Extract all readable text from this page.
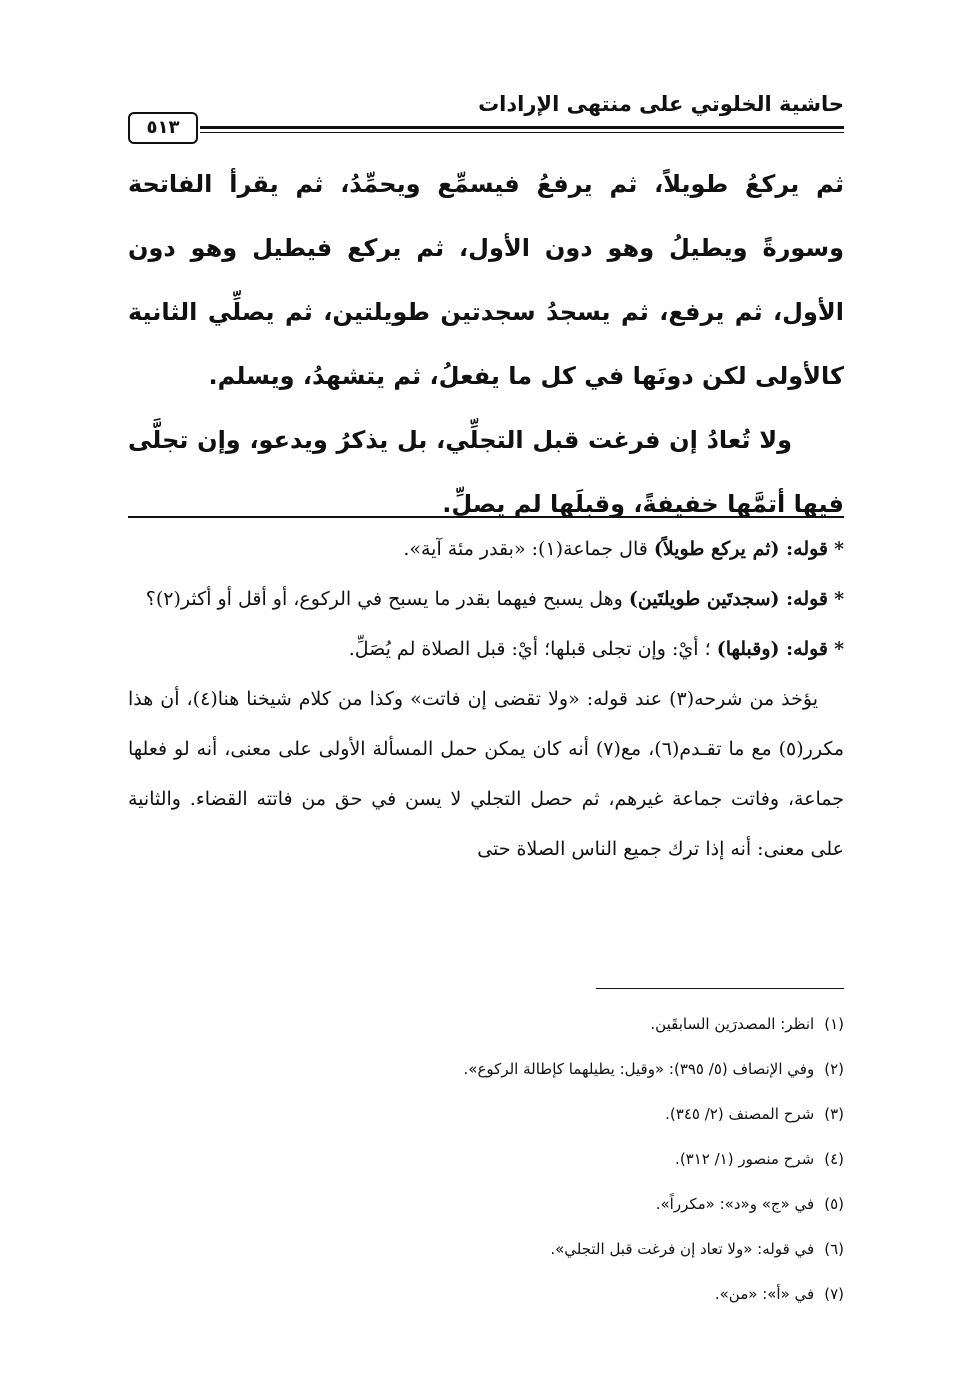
حاشية الخلوتي على منتهى الإرادات
٥١٣

ثم يركعُ طويلاً، ثم يرفعُ فيسمِّع ويحمِّدُ، ثم يقرأ الفاتحة وسورةً ويطيلُ وهو دون الأول، ثم يركع فيطيل وهو دون الأول، ثم يرفع، ثم يسجدُ سجدتين طويلتين، ثم يصلِّي الثانية كالأولى لكن دونَها في كل ما يفعلُ، ثم يتشهدُ، ويسلم.

ولا تُعادُ إن فرغت قبل التجلِّي، بل يذكرُ ويدعو، وإن تجلَّى فيها أتمَّها خفيفةً، وقبلَها لم يصلِّ.

* قوله: (ثم يركع طويلاً) قال جماعة(١): «بقدر مئة آية».

* قوله: (سجدتَين طويلتَين) وهل يسبح فيهما بقدر ما يسبح في الركوع، أو أقل أو أكثر(٢)؟

* قوله: (وقبلها) ؛ أيْ: وإن تجلى قبلها؛ أيْ: قبل الصلاة لم يُصَلِّ.

يؤخذ من شرحه(٣) عند قوله: «ولا تقضى إن فاتت» وكذا من كلام شيخنا هنا(٤)، أن هذا مكرر(٥) مع ما تقـدم(٦)، مع(٧) أنه كان يمكن حمل المسألة الأولى على معنى، أنه لو فعلها جماعة، وفاتت جماعة غيرهم، ثم حصل التجلي لا يسن في حق من فاتته القضاء. والثانية على معنى: أنه إذا ترك جميع الناس الصلاة حتى

(١)انظر: المصدرَين السابقَين.

(٢)وفي الإنصاف (٥/ ٣٩٥): «وقيل: يطيلهما كإطالة الركوع».

(٣)شرح المصنف (٢/ ٣٤٥).

(٤)شرح منصور (١/ ٣١٢).

(٥)في «ج» و«د»: «مكرراً».

(٦)في قوله: «ولا تعاد إن فرغت قبل التجلي».

(٧)في «أ»: «من».
